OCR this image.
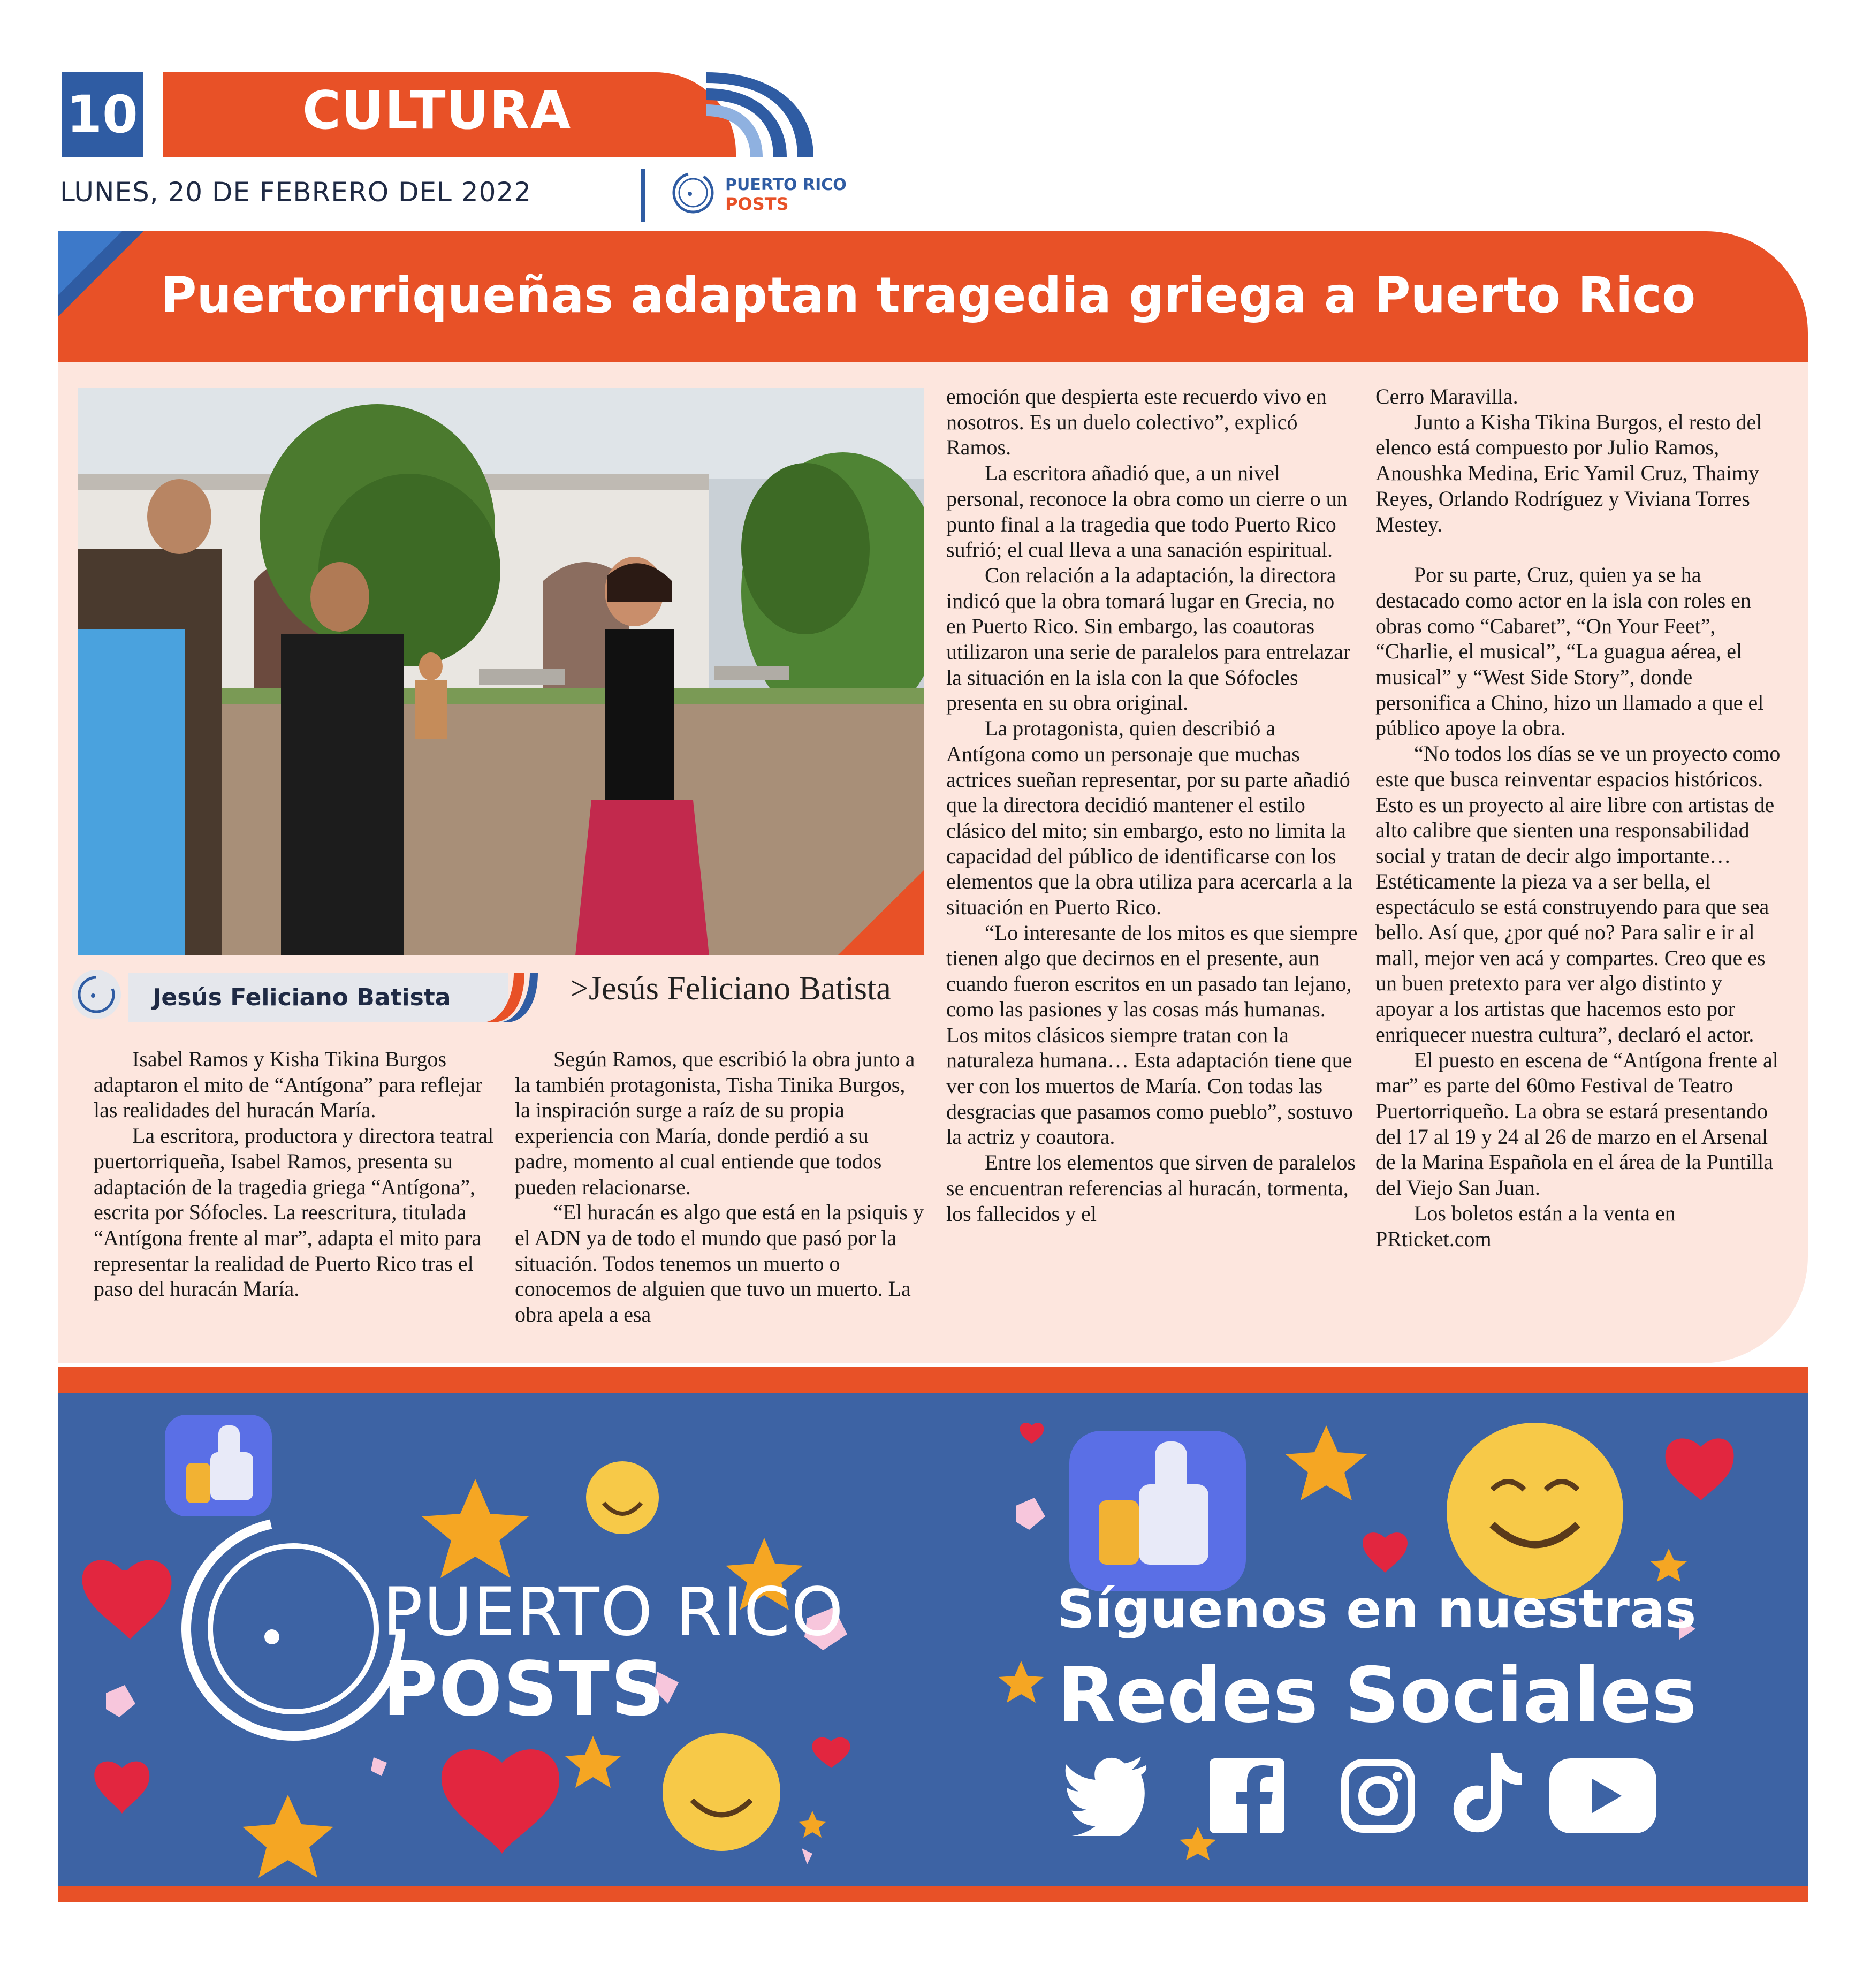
10	CULTURA
LUNES, 20 DE FEBRERO DEL 2022	PUERTO RICO
POSTS
Puertorriqueñas adaptan tragedia griega a Puerto Rico
Jesús Feliciano Batista	>Jesús Feliciano Batista

Isabel Ramos y Kisha Tikina Burgos adaptaron el mito de “Antígona” para reflejar las realidades del huracán María.

La escritora, productora y directora teatral puertorriqueña, Isabel Ramos, presenta su adaptación de la tragedia griega “Antígona”, escrita por Sófocles. La reescritura, titulada “Antígona frente al mar”, adapta el mito para representar la realidad de Puerto Rico tras el paso del huracán María.

Según Ramos, que escribió la obra junto a la también protagonista, Tisha Tinika Burgos, la inspiración surge a raíz de su propia experiencia con María, donde perdió a su padre, momento al cual entiende que todos pueden relacionarse.

“El huracán es algo que está en la psiquis y el ADN ya de todo el mundo que pasó por la situación. Todos tenemos un muerto o conocemos de alguien que tuvo un muerto. La obra apela a esa

emoción que despierta este recuerdo vivo en nosotros. Es un duelo colectivo”, explicó Ramos.

La escritora añadió que, a un nivel personal, reconoce la obra como un cierre o un punto final a la tragedia que todo Puerto Rico sufrió; el cual lleva a una sanación espiritual.

Con relación a la adaptación, la directora indicó que la obra tomará lugar en Grecia, no en Puerto Rico. Sin embargo, las coautoras utilizaron una serie de paralelos para entrelazar la situación en la isla con la que Sófocles presenta en su obra original.

La protagonista, quien describió a Antígona como un personaje que muchas actrices sueñan representar, por su parte añadió que la directora decidió mantener el estilo clásico del mito; sin embargo, esto no limita la capacidad del público de identificarse con los elementos que la obra utiliza para acercarla a la situación en Puerto Rico.

“Lo interesante de los mitos es que siempre tienen algo que decirnos en el presente, aun cuando fueron escritos en un pasado tan lejano, como las pasiones y las cosas más humanas. Los mitos clásicos siempre tratan con la naturaleza humana… Esta adaptación tiene que ver con los muertos de María. Con todas las desgracias que pasamos como pueblo”, sostuvo la actriz y coautora.

Entre los elementos que sirven de paralelos se encuentran referencias al huracán, tormenta, los fallecidos y el

Cerro Maravilla.

Junto a Kisha Tikina Burgos, el resto del elenco está compuesto por Julio Ramos, Anoushka Medina, Eric Yamil Cruz, Thaimy Reyes, Orlando Rodríguez y Viviana Torres Mestey.

Por su parte, Cruz, quien ya se ha destacado como actor en la isla con roles en obras como “Cabaret”, “On Your Feet”, “Charlie, el musical”, “La guagua aérea, el musical” y “West Side Story”, donde personifica a Chino, hizo un llamado a que el público apoye la obra.

“No todos los días se ve un proyecto como este que busca reinventar espacios históricos. Esto es un proyecto al aire libre con artistas de alto calibre que sienten una responsabilidad social y tratan de decir algo importante… Estéticamente la pieza va a ser bella, el espectáculo se está construyendo para que sea bello. Así que, ¿por qué no? Para salir e ir al mall, mejor ven acá y compartes. Creo que es un buen pretexto para ver algo distinto y apoyar a los artistas que hacemos esto por enriquecer nuestra cultura”, declaró el actor.

El puesto en escena de “Antígona frente al mar” es parte del 60mo Festival de Teatro Puertorriqueño. La obra se estará presentando del 17 al 19 y 24 al 26 de marzo en el Arsenal de la Marina Española en el área de la Puntilla del Viejo San Juan.

Los boletos están a la venta en PRticket.com

PUERTO RICO
POSTS
Síguenos en nuestras
Redes Sociales
